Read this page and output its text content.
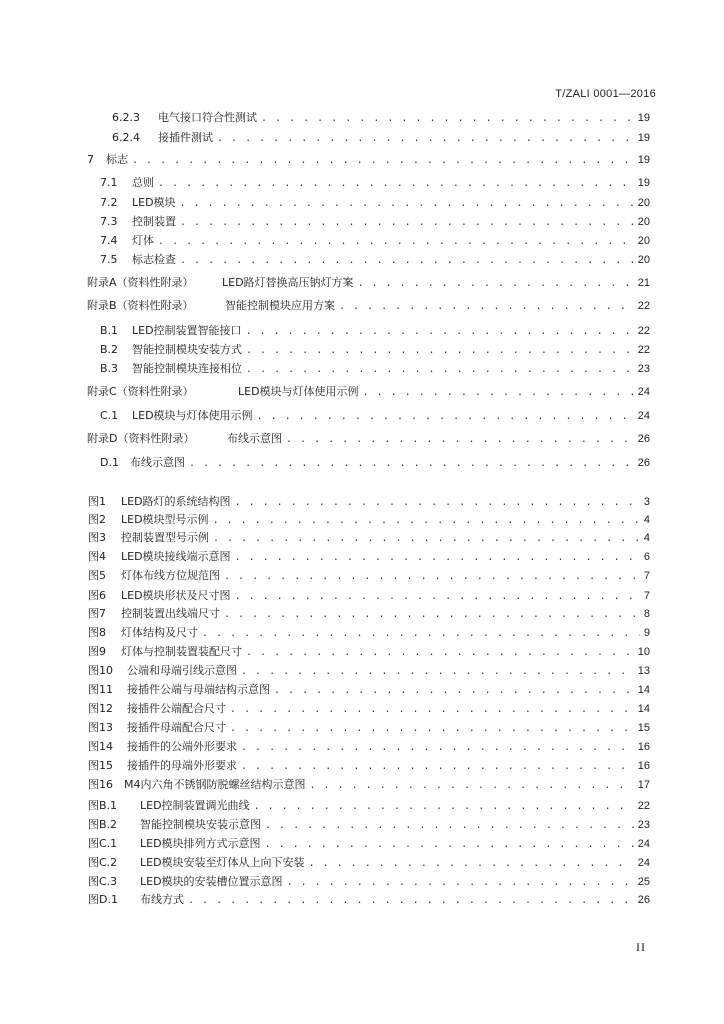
T/ZALI 0001—2016
6.2.3	电气接口符合性测试 . . .	19
6.2.4	接插件测试 . . .	19
7	标志 . . .	19
7.1	总则 . . .	19
7.2	LED模块 . . .	20
7.3	控制装置 . . .	20
7.4	灯体 . . .	20
7.5	标志检查 . . .	20
附录A（资料性附录）	LED路灯替换高压钠灯方案 . . .	21
附录B（资料性附录）	智能控制模块应用方案 . . .	22
B.1	LED控制装置智能接口 . . .	22
B.2	智能控制模块安装方式 . . .	22
B.3	智能控制模块连接相位 . . .	23
附录C（资料性附录）	LED模块与灯体使用示例 . . .	24
C.1	LED模块与灯体使用示例 . . .	24
附录D（资料性附录）	布线示意图 . . .	26
D.1	布线示意图 . . .	26
图1	LED路灯的系统结构图 . . .	3
图2	LED模块型号示例 . . .	4
图3	控制装置型号示例 . . .	4
图4	LED模块接线端示意图 . . .	6
图5	灯体布线方位规范图 . . .	7
图6	LED模块形状及尺寸图 . . .	7
图7	控制装置出线端尺寸 . . .	8
图8	灯体结构及尺寸 . . .	9
图9	灯体与控制装置装配尺寸 . . .	10
图10	公端和母端引线示意图 . . .	13
图11	接插件公端与母端结构示意图 . . .	14
图12	接插件公端配合尺寸 . . .	14
图13	接插件母端配合尺寸 . . .	15
图14	接插件的公端外形要求 . . .	16
图15	接插件的母端外形要求 . . .	16
图16	M4内六角不锈钢防脱螺丝结构示意图 . . .	17
图B.1	LED控制装置调光曲线 . . .	22
图B.2	智能控制模块安装示意图 . . .	23
图C.1	LED模块排列方式示意图 . . .	24
图C.2	LED模块安装至灯体从上向下安装 . . .	24
图C.3	LED模块的安装槽位置示意图 . . .	25
图D.1	布线方式 . . .	26
II
